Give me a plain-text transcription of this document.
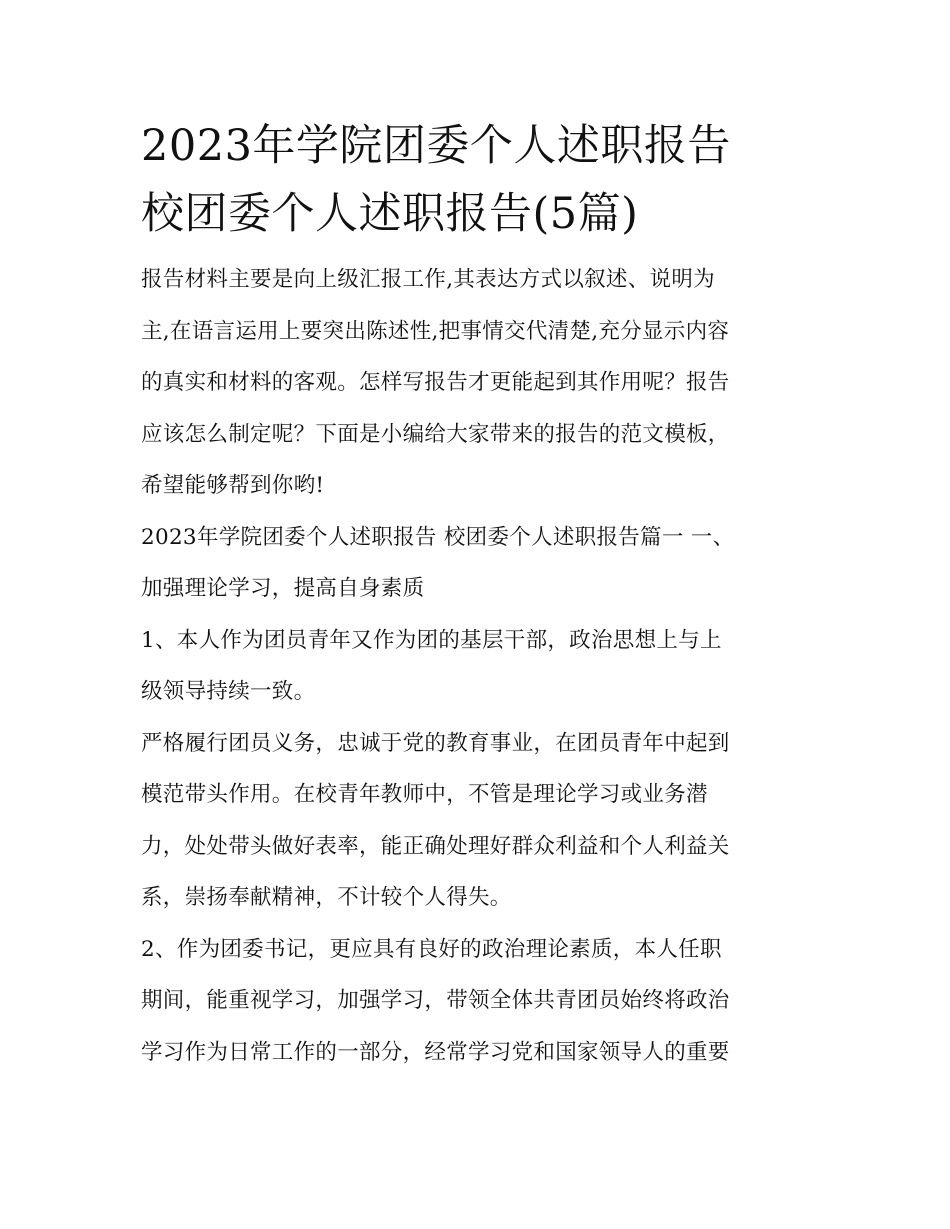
2023年学院团委个人述职报告
校团委个人述职报告(5篇)
报告材料主要是向上级汇报工作,其表达方式以叙述、说明为
主,在语言运用上要突出陈述性,把事情交代清楚,充分显示内容
的真实和材料的客观。怎样写报告才更能起到其作用呢？报告
应该怎么制定呢？下面是小编给大家带来的报告的范文模板，
希望能够帮到你哟!
2023年学院团委个人述职报告 校团委个人述职报告篇一 一、
加强理论学习，提高自身素质
1、本人作为团员青年又作为团的基层干部，政治思想上与上
级领导持续一致。
严格履行团员义务，忠诚于党的教育事业，在团员青年中起到
模范带头作用。在校青年教师中，不管是理论学习或业务潜
力，处处带头做好表率，能正确处理好群众利益和个人利益关
系，崇扬奉献精神，不计较个人得失。
2、作为团委书记，更应具有良好的政治理论素质，本人任职
期间，能重视学习，加强学习，带领全体共青团员始终将政治
学习作为日常工作的一部分，经常学习党和国家领导人的重要
